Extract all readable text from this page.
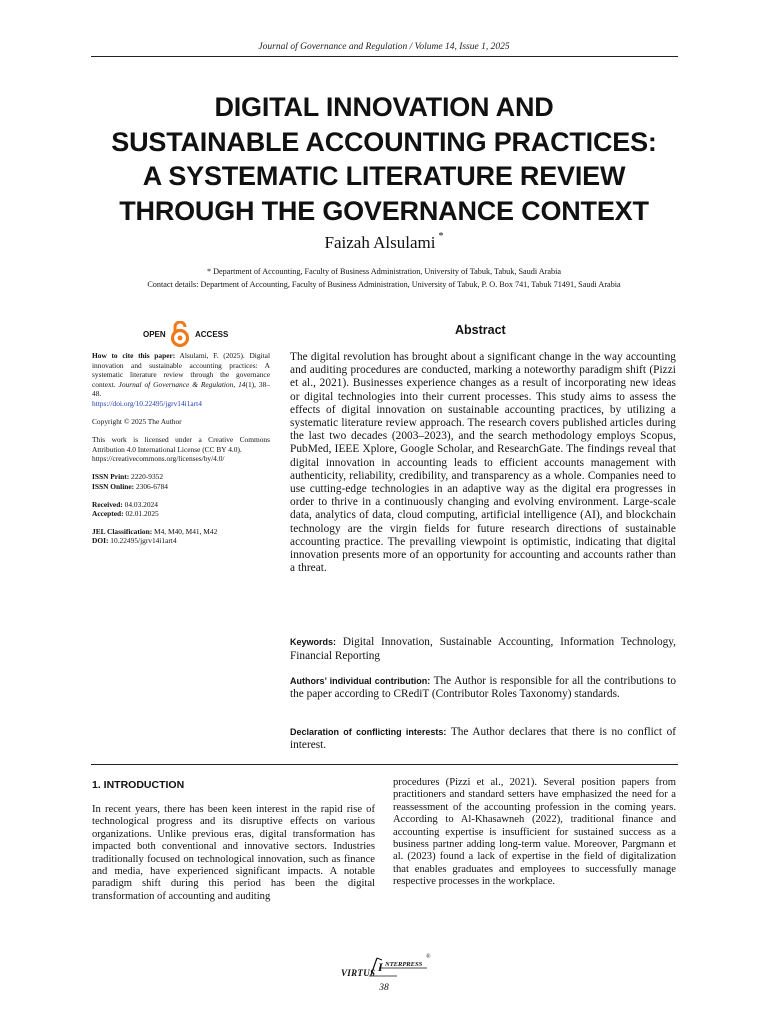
Journal of Governance and Regulation / Volume 14, Issue 1, 2025
DIGITAL INNOVATION AND
SUSTAINABLE ACCOUNTING PRACTICES:
A SYSTEMATIC LITERATURE REVIEW
THROUGH THE GOVERNANCE CONTEXT
Faizah Alsulami *
* Department of Accounting, Faculty of Business Administration, University of Tabuk, Tabuk, Saudi Arabia
Contact details: Department of Accounting, Faculty of Business Administration, University of Tabuk, P. O. Box 741, Tabuk 71491, Saudi Arabia
OPEN	ACCESS

How to cite this paper: Alsulami, F. (2025). Digital innovation and sustainable accounting practices: A systematic literature review through the governance context. Journal of Governance & Regulation, 14(1), 38–48.
https://doi.org/10.22495/jgrv14i1art4

Copyright © 2025 The Author

This work is licensed under a Creative Commons Attribution 4.0 International License (CC BY 4.0).
https://creativecommons.org/licenses/by/4.0/

ISSN Print: 2220-9352
ISSN Online: 2306-6784

Received: 04.03.2024
Accepted: 02.01.2025

JEL Classification: M4, M40, M41, M42
DOI: 10.22495/jgrv14i1art4

Abstract
The digital revolution has brought about a significant change in the way accounting and auditing procedures are conducted, marking a noteworthy paradigm shift (Pizzi et al., 2021). Businesses experience changes as a result of incorporating new ideas or digital technologies into their current processes. This study aims to assess the effects of digital innovation on sustainable accounting practices, by utilizing a systematic literature review approach. The research covers published articles during the last two decades (2003–2023), and the search methodology employs Scopus, PubMed, IEEE Xplore, Google Scholar, and ResearchGate. The findings reveal that digital innovation in accounting leads to efficient accounts management with authenticity, reliability, credibility, and transparency as a whole. Companies need to use cutting-edge technologies in an adaptive way as the digital era progresses in order to thrive in a continuously changing and evolving environment. Large-scale data, analytics of data, cloud computing, artificial intelligence (AI), and blockchain technology are the virgin fields for future research directions of sustainable accounting practice. The prevailing viewpoint is optimistic, indicating that digital innovation presents more of an opportunity for accounting and accounts rather than a threat.
Keywords: Digital Innovation, Sustainable Accounting, Information Technology, Financial Reporting
Authors’ individual contribution: The Author is responsible for all the contributions to the paper according to CRediT (Contributor Roles Taxonomy) standards.
Declaration of conflicting interests: The Author declares that there is no conflict of interest.
1. INTRODUCTION
In recent years, there has been keen interest in the rapid rise of technological progress and its disruptive effects on various organizations. Unlike previous eras, digital transformation has impacted both conventional and innovative sectors. Industries traditionally focused on technological innovation, such as finance and media, have experienced significant impacts. A notable paradigm shift during this period has been the digital transformation of accounting and auditing
procedures (Pizzi et al., 2021). Several position papers from practitioners and standard setters have emphasized the need for a reassessment of the accounting profession in the coming years. According to Al-Khasawneh (2022), traditional finance and accounting expertise is insufficient for sustained success as a business partner adding long-term value. Moreover, Pargmann et al. (2023) found a lack of expertise in the field of digitalization that enables graduates and employees to successfully manage respective processes in the workplace.
VIRTUS I NTERPRESS
®
38
